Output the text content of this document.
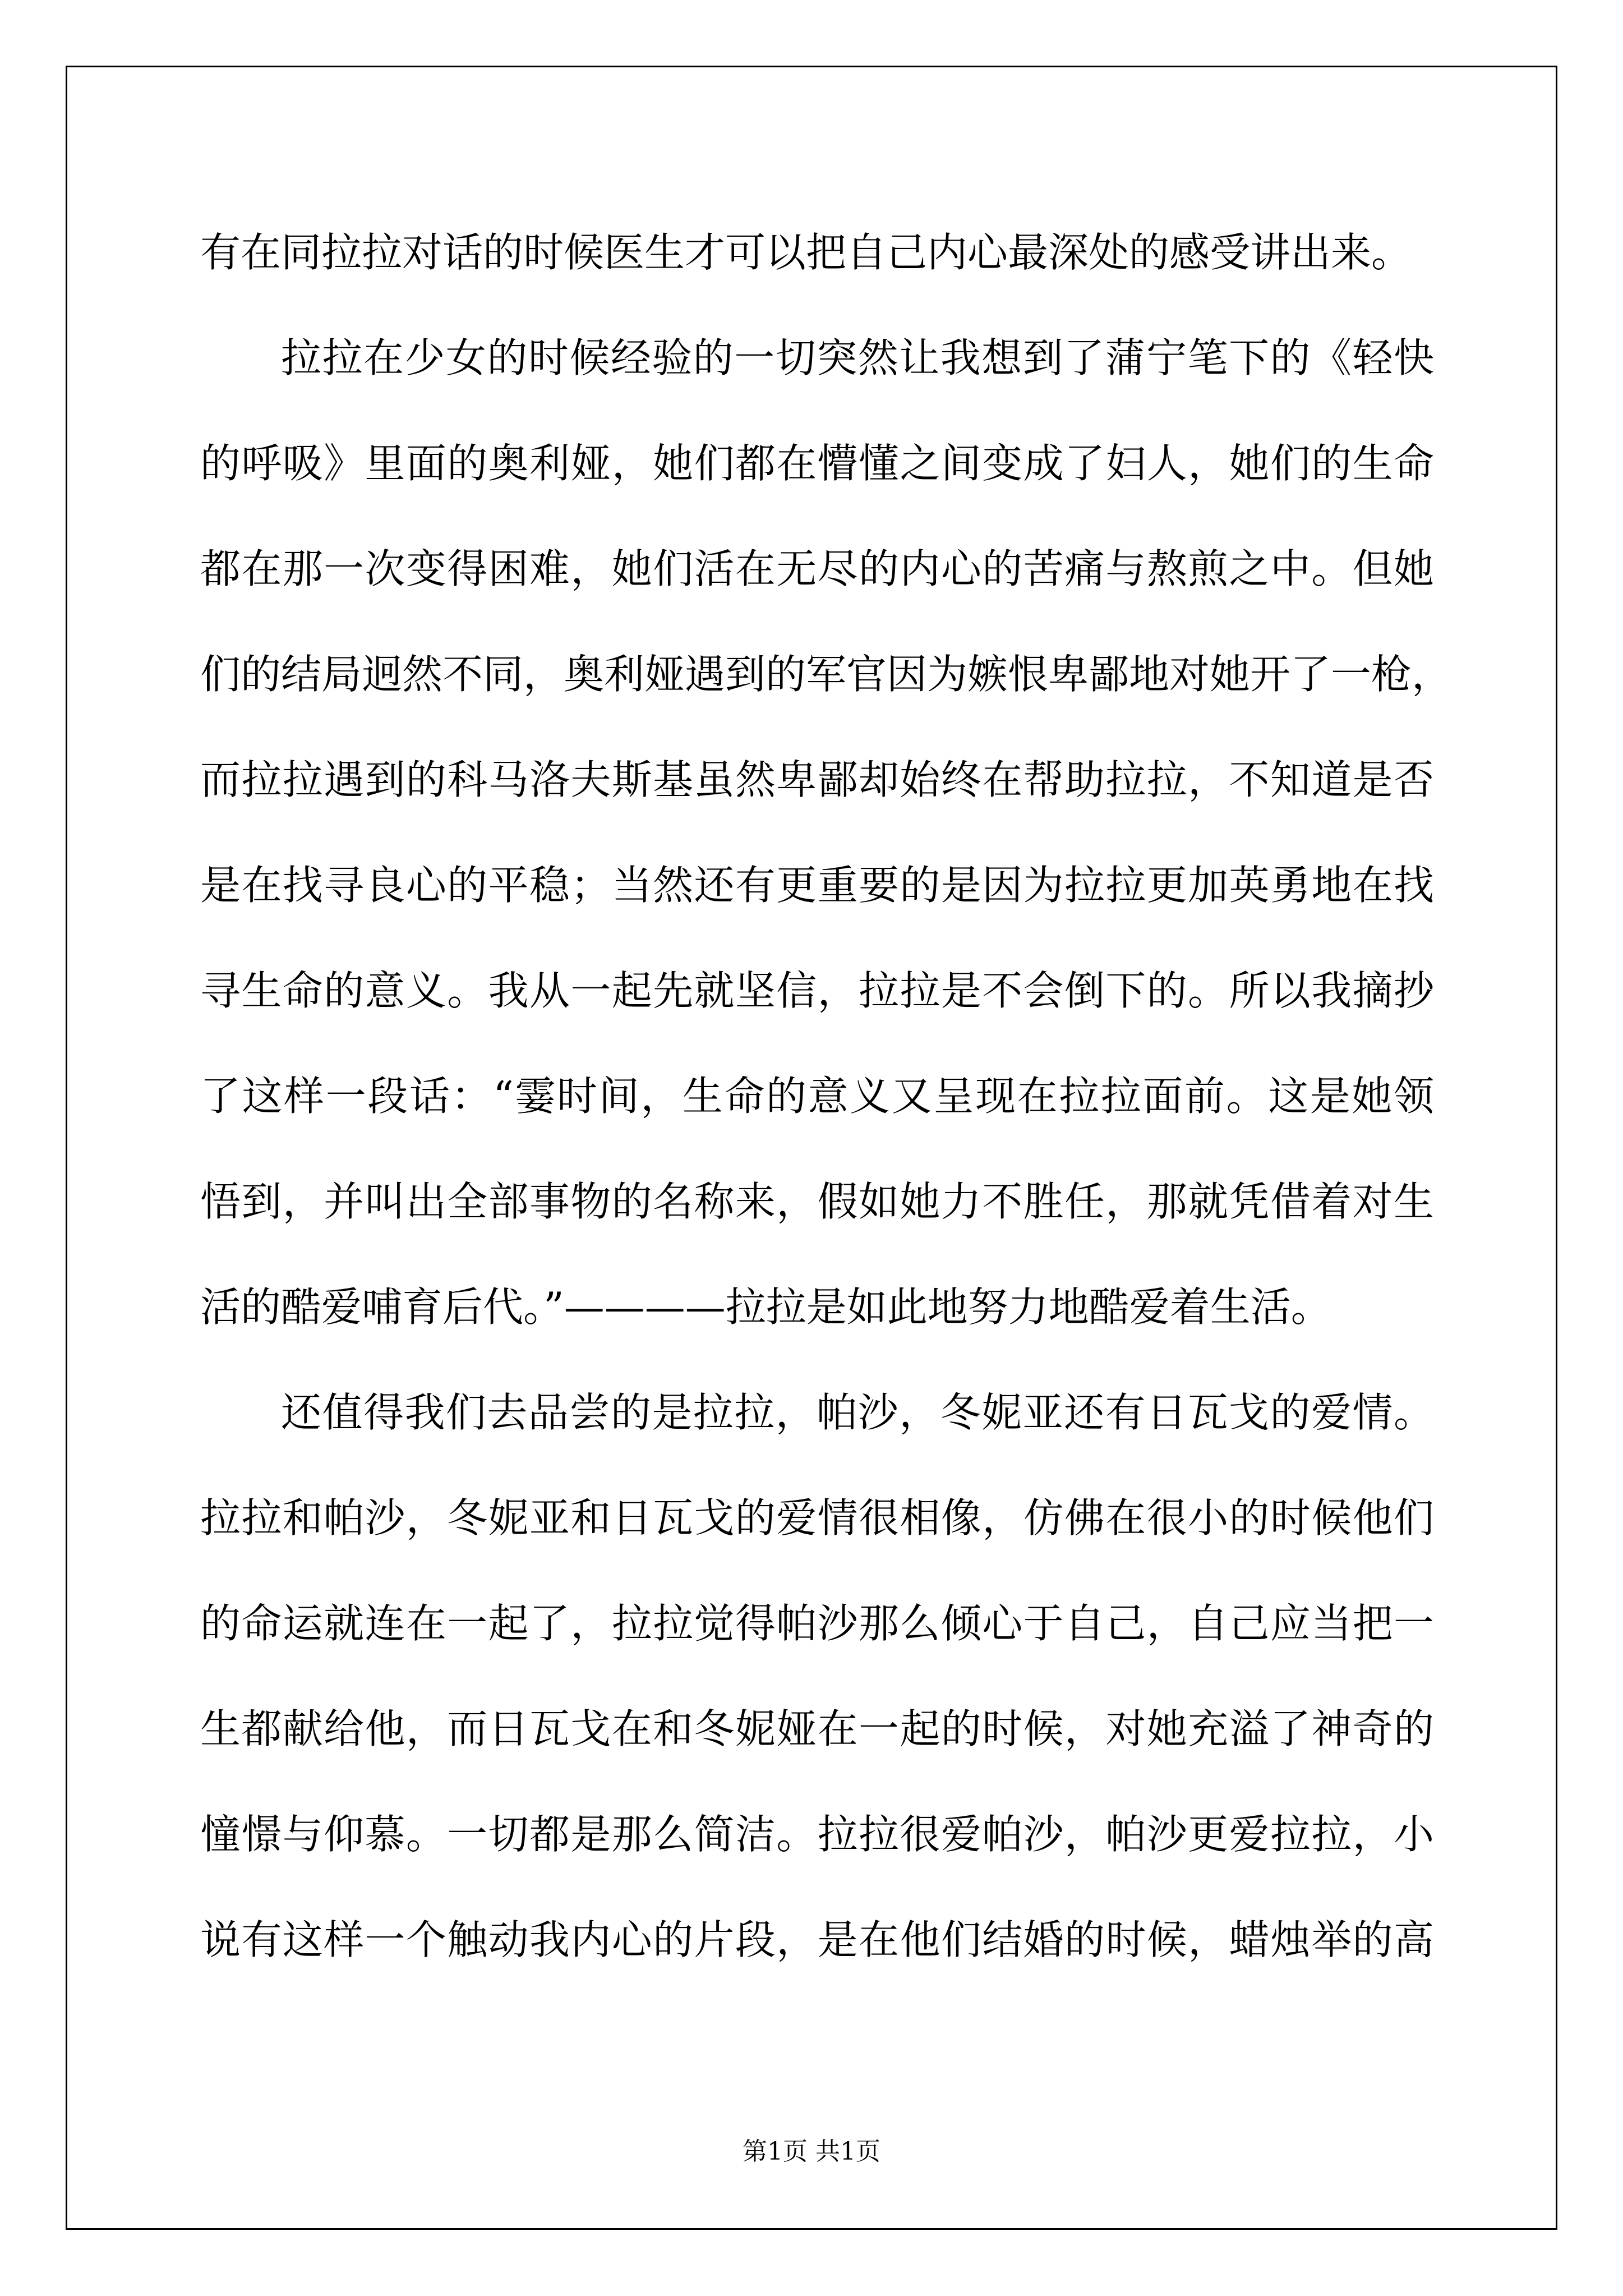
有在同拉拉对话的时候医生才可以把自己内心最深处的感受讲出来。
拉拉在少女的时候经验的一切突然让我想到了蒲宁笔下的《轻快
的呼吸》里面的奥利娅，她们都在懵懂之间变成了妇人，她们的生命
都在那一次变得困难，她们活在无尽的内心的苦痛与熬煎之中。但她
们的结局迥然不同，奥利娅遇到的军官因为嫉恨卑鄙地对她开了一枪，
而拉拉遇到的科马洛夫斯基虽然卑鄙却始终在帮助拉拉，不知道是否
是在找寻良心的平稳；当然还有更重要的是因为拉拉更加英勇地在找
寻生命的意义。我从一起先就坚信，拉拉是不会倒下的。所以我摘抄
了这样一段话：“霎时间，生命的意义又呈现在拉拉面前。这是她领
悟到，并叫出全部事物的名称来，假如她力不胜任，那就凭借着对生
活的酷爱哺育后代。”————拉拉是如此地努力地酷爱着生活。
还值得我们去品尝的是拉拉，帕沙，冬妮亚还有日瓦戈的爱情。
拉拉和帕沙，冬妮亚和日瓦戈的爱情很相像，仿佛在很小的时候他们
的命运就连在一起了，拉拉觉得帕沙那么倾心于自己，自己应当把一
生都献给他，而日瓦戈在和冬妮娅在一起的时候，对她充溢了神奇的
憧憬与仰慕。一切都是那么简洁。拉拉很爱帕沙，帕沙更爱拉拉，小
说有这样一个触动我内心的片段，是在他们结婚的时候，蜡烛举的高
第1页 共1页
